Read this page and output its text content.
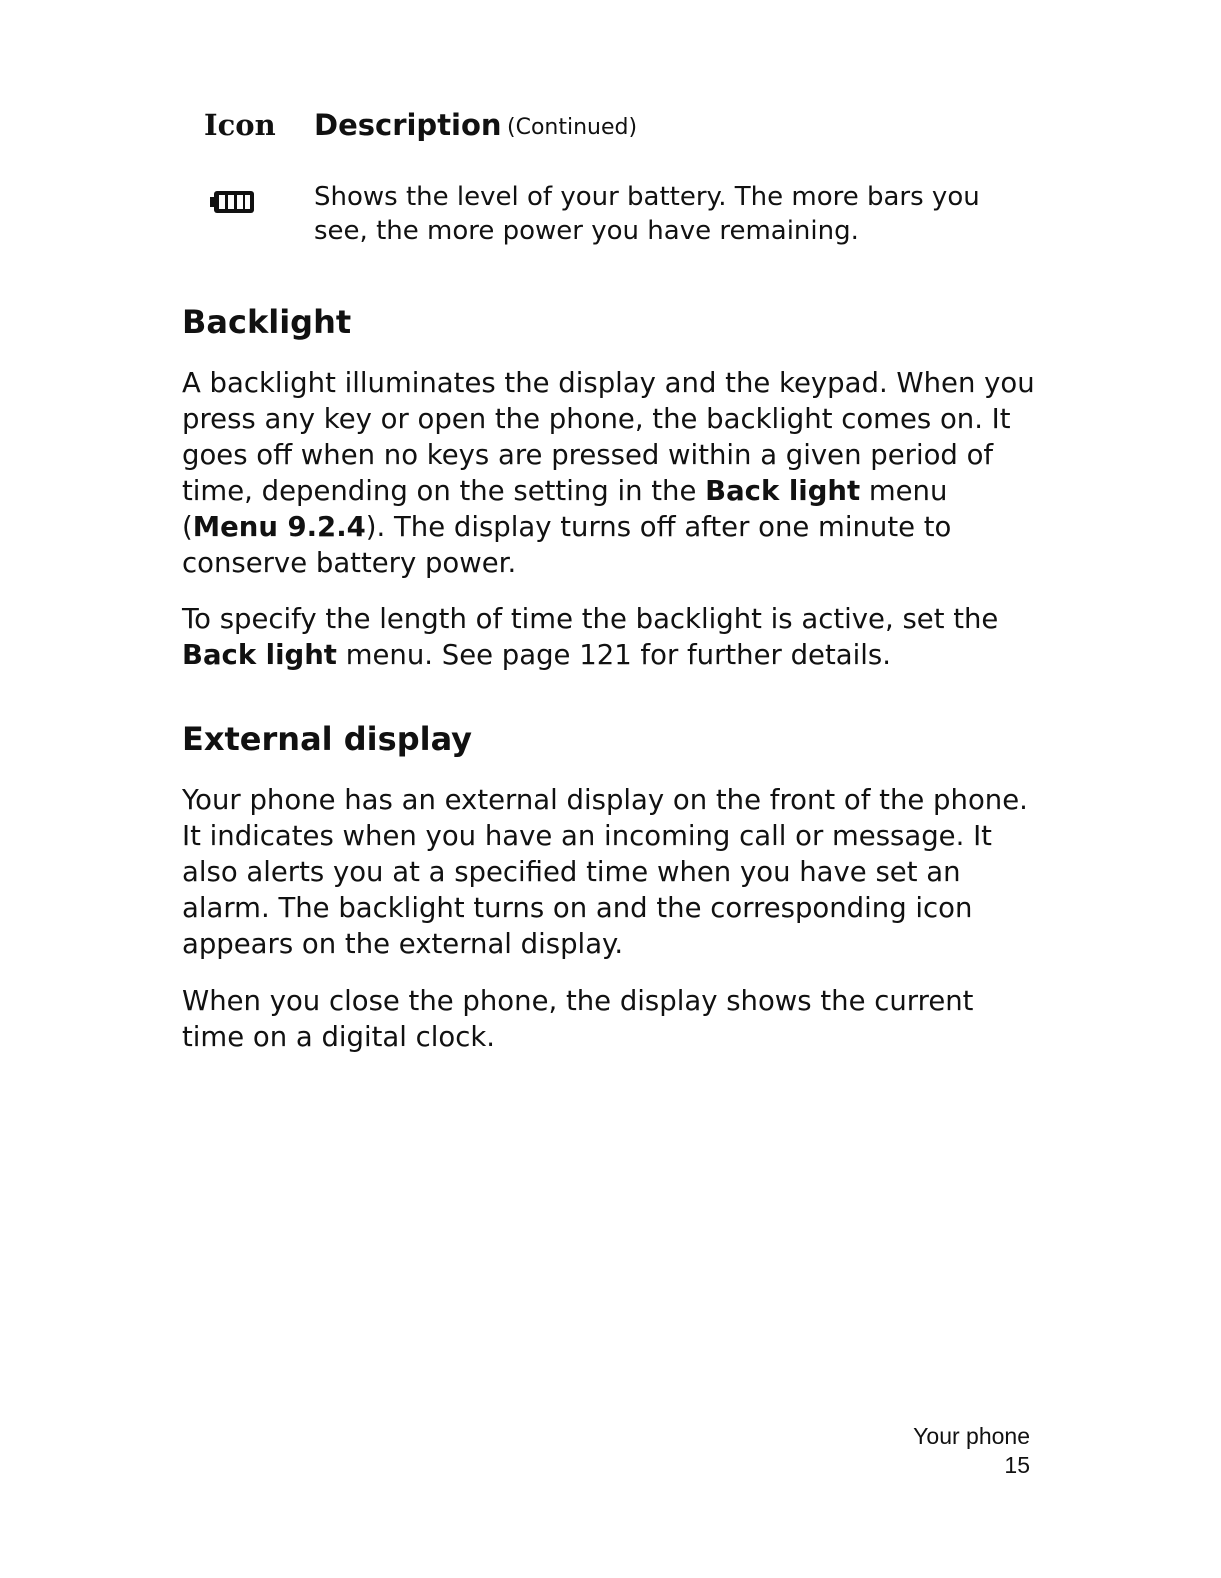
Icon Description (Continued)
Shows the level of your battery. The more bars you see, the more power you have remaining.
Backlight

A backlight illuminates the display and the keypad. When you press any key or open the phone, the backlight comes on. It goes off when no keys are pressed within a given period of time, depending on the setting in the Back light menu (Menu 9.2.4). The display turns off after one minute to conserve battery power.

To specify the length of time the backlight is active, set the Back light menu. See page 121 for further details.

External display

Your phone has an external display on the front of the phone. It indicates when you have an incoming call or message. It also alerts you at a specified time when you have set an alarm. The backlight turns on and the corresponding icon appears on the external display.

When you close the phone, the display shows the current time on a digital clock.

Your phone
15
